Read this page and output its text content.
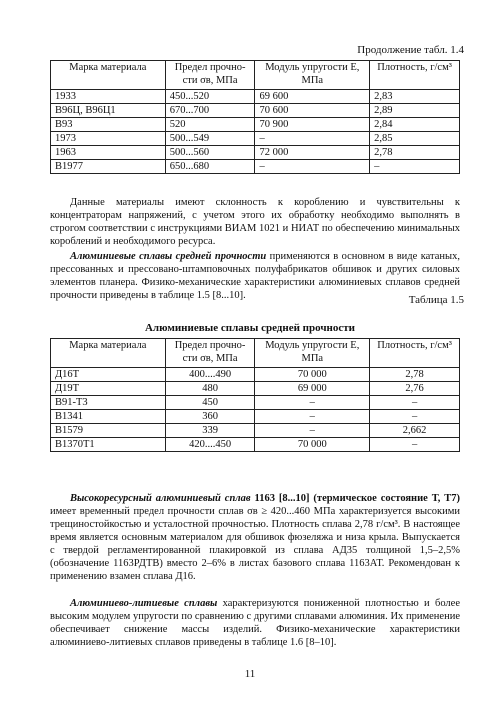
Продолжение табл. 1.4
Марка материала	Предел прочно-сти σв, МПа	Модуль упругости Е, МПа	Плотность, г/см³
1933	450...520	69 600	2,83
В96Ц, В96Ц1	670...700	70 600	2,89
В93	520	70 900	2,84
1973	500...549	–	2,85
1963	500...560	72 000	2,78
В1977	650...680	–	–

Данные материалы имеют склонность к короблению и чувствительны к концентраторам напряжений, с учетом этого их обработку необходимо выполнять в строгом соответствии с инструкциями ВИАМ 1021 и НИАТ по обеспечению минимальных короблений и необходимого ресурса.

Алюминиевые сплавы средней прочности применяются в основном в виде катаных, прессованных и прессовано-штамповочных полуфабрикатов обшивок и других силовых элементов планера. Физико-механические характеристики алюминиевых сплавов средней прочности приведены в таблице 1.5 [8...10].	Таблица 1.5
Алюминиевые сплавы средней прочности
Марка материала	Предел прочно-сти σв, МПа	Модуль упругости Е, МПа	Плотность, г/см³
Д16Т	400....490	70 000	2,78
Д19Т	480	69 000	2,76
В91-Т3	450	–	–
В1341	360	–	–
В1579	339	–	2,662
В1370Т1	420....450	70 000	–

Высокоресурсный алюминиевый сплав 1163 [8...10] (термическое состояние Т, Т7) имеет временный предел прочности сплав σв ≥ 420...460 МПа характеризуется высокими трещиностойкостью и усталостной прочностью. Плотность сплава 2,78 г/см³. В настоящее время является основным материалом для обшивок фюзеляжа и низа крыла. Выпускается с твердой регламентированной плакировкой из сплава АД35 толщиной 1,5–2,5% (обозначение 1163РДТВ) вместо 2–6% в листах базового сплава 1163АТ. Рекомендован к применению взамен сплава Д16.

Алюминиево-литиевые сплавы характеризуются пониженной плотностью и более высоким модулем упругости по сравнению с другими сплавами алюминия. Их применение обеспечивает снижение массы изделий. Физико-механические характеристики алюминиево-литиевых сплавов приведены в таблице 1.6 [8–10].

11
